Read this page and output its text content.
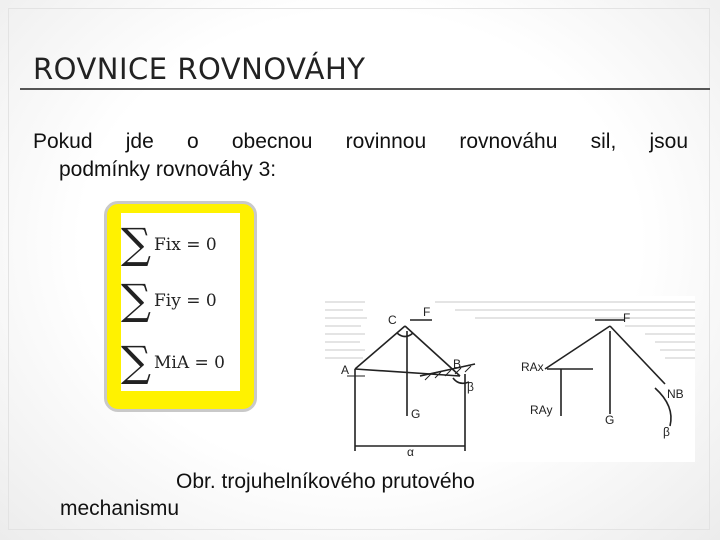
ROVNICE ROVNOVÁHY
Pokud jde o obecnou rovinnou rovnováhu sil, jsou
podmínky rovnováhy 3:
∑ Fix = 0
∑ Fiy = 0
∑ MiA = 0
C
F
A	B
β
G
α
F
RAx
RAy
G
NB
β
Obr. trojuhelníkového prutového
mechanismu
